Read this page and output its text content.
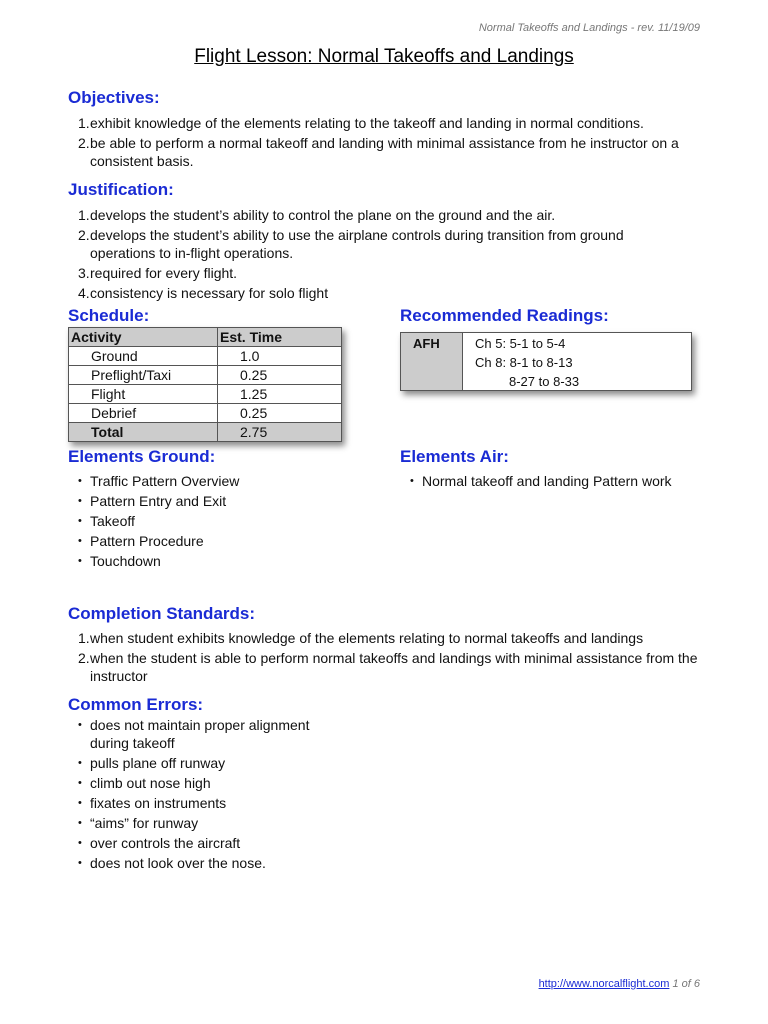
Normal Takeoffs and Landings - rev. 11/19/09
Flight Lesson: Normal Takeoffs and Landings
Objectives:
1. exhibit knowledge of the elements relating to the takeoff and landing in normal conditions.
2. be able to perform a normal takeoff and landing with minimal assistance from he instructor on a consistent basis.
Justification:
1. develops the student’s ability to control the plane on the ground and the air.
2. develops the student’s ability to use the airplane controls during transition from ground operations to in-flight operations.
3. required for every flight.
4. consistency is necessary for solo flight
Schedule:
Activity	Est. Time
Ground	1.0
Preflight/Taxi	0.25
Flight	1.25
Debrief	0.25
Total	2.75
Recommended Readings:
AFH	Ch 5: 5-1 to 5-4
Ch 8: 8-1 to 8-13
8-27 to 8-33
Elements Ground:
• Traffic Pattern Overview
• Pattern Entry and Exit
• Takeoff
• Pattern Procedure
• Touchdown
Elements Air:
• Normal takeoff and landing Pattern work
Completion Standards:
1. when student exhibits knowledge of the elements relating to normal takeoffs and landings
2. when the student is able to perform normal takeoffs and landings with minimal assistance from the instructor
Common Errors:
• does not maintain proper alignment during takeoff
• pulls plane off runway
• climb out nose high
• fixates on instruments
• “aims” for runway
• over controls the aircraft
• does not look over the nose.
http://www.norcalflight.com 1 of 6
